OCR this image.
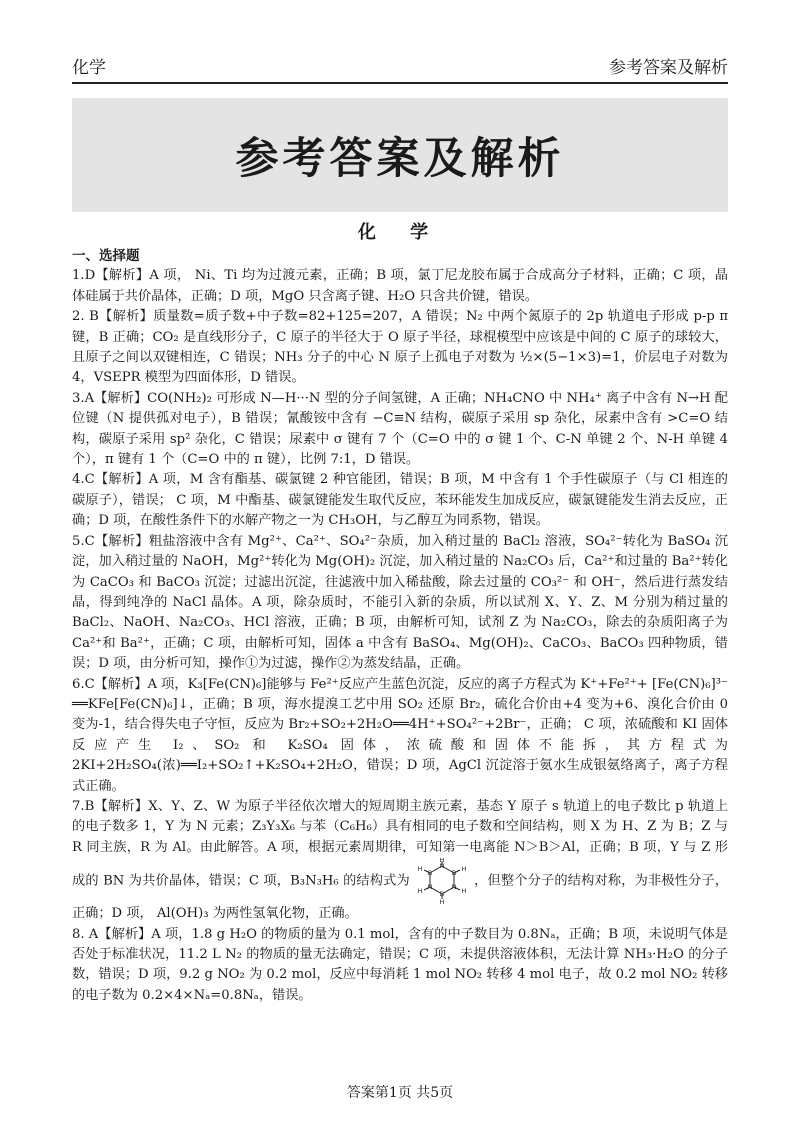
化学	参考答案及解析
参考答案及解析
化 学

一、选择题

1.D【解析】A 项， Ni、Ti 均为过渡元素，正确；B 项，氯丁尼龙胶布属于合成高分子材料，正确；C 项，晶体硅属于共价晶体，正确；D 项，MgO 只含离子键、H₂O 只含共价键，错误。

2. B【解析】质量数=质子数+中子数=82+125=207，A 错误；N₂ 中两个氮原子的 2p 轨道电子形成 p-p π 键，B 正确；CO₂ 是直线形分子，C 原子的半径大于 O 原子半径，球棍模型中应该是中间的 C 原子的球较大，且原子之间以双键相连，C 错误；NH₃ 分子的中心 N 原子上孤电子对数为 ½×(5−1×3)=1，价层电子对数为 4，VSEPR 模型为四面体形，D 错误。

3.A【解析】CO(NH₂)₂ 可形成 N—H···N 型的分子间氢键，A 正确；NH₄CNO 中 NH₄⁺ 离子中含有 N→H 配位键（N 提供孤对电子），B 错误；氰酸铵中含有 −C≡N 结构，碳原子采用 sp 杂化，尿素中含有 >C=O 结构，碳原子采用 sp² 杂化，C 错误；尿素中 σ 键有 7 个（C=O 中的 σ 键 1 个、C-N 单键 2 个、N-H 单键 4 个），π 键有 1 个（C=O 中的 π 键），比例 7:1，D 错误。

4.C【解析】A 项，M 含有酯基、碳氯键 2 种官能团，错误；B 项，M 中含有 1 个手性碳原子（与 Cl 相连的碳原子），错误； C 项，M 中酯基、碳氯键能发生取代反应，苯环能发生加成反应，碳氯键能发生消去反应，正确；D 项，在酸性条件下的水解产物之一为 CH₃OH，与乙醇互为同系物，错误。

5.C【解析】粗盐溶液中含有 Mg²⁺、Ca²⁺、SO₄²⁻杂质，加入稍过量的 BaCl₂ 溶液，SO₄²⁻转化为 BaSO₄ 沉淀，加入稍过量的 NaOH，Mg²⁺转化为 Mg(OH)₂ 沉淀，加入稍过量的 Na₂CO₃ 后，Ca²⁺和过量的 Ba²⁺转化为 CaCO₃ 和 BaCO₃ 沉淀；过滤出沉淀，往滤液中加入稀盐酸，除去过量的 CO₃²⁻ 和 OH⁻，然后进行蒸发结晶，得到纯净的 NaCl 晶体。A 项，除杂质时，不能引入新的杂质，所以试剂 X、Y、Z、M 分别为稍过量的 BaCl₂、NaOH、Na₂CO₃、HCl 溶液，正确；B 项，由解析可知，试剂 Z 为 Na₂CO₃，除去的杂质阳离子为 Ca²⁺和 Ba²⁺，正确；C 项，由解析可知，固体 a 中含有 BaSO₄、Mg(OH)₂、CaCO₃、BaCO₃ 四种物质，错误；D 项，由分析可知，操作①为过滤，操作②为蒸发结晶，正确。

6.C【解析】A 项，K₃[Fe(CN)₆]能够与 Fe²⁺反应产生蓝色沉淀，反应的离子方程式为 K⁺+Fe²⁺+ [Fe(CN)₆]³⁻ ══KFe[Fe(CN)₆]↓，正确；B 项，海水提溴工艺中用 SO₂ 还原 Br₂，硫化合价由+4 变为+6、溴化合价由 0 变为-1，结合得失电子守恒，反应为 Br₂+SO₂+2H₂O══4H⁺+SO₄²⁻+2Br⁻，正确； C 项，浓硫酸和 KI 固体反应产生 I₂、SO₂ 和 K₂SO₄ 固体，浓硫酸和固体不能拆，其方程式为 2KI+2H₂SO₄(浓)══I₂+SO₂↑+K₂SO₄+2H₂O，错误；D 项，AgCl 沉淀溶于氨水生成银氨络离子，离子方程式正确。

7.B【解析】X、Y、Z、W 为原子半径依次增大的短周期主族元素，基态 Y 原子 s 轨道上的电子数比 p 轨道上的电子数多 1，Y 为 N 元素；Z₃Y₃X₆ 与苯（C₆H₆）具有相同的电子数和空间结构，则 X 为 H、Z 为 B；Z 与 R 同主族，R 为 Al。由此解答。A 项，根据元素周期律，可知第一电离能 N＞B＞Al，正确；B 项，Y 与 Z 形成的 BN 为共价晶体，错误；C 项，B₃N₃H₆ 的结构式为
N
B
N
B
N
B
H
H
H
H
H
H
，但整个分子的结构对称，为非极性分子，正确；D 项， Al(OH)₃ 为两性氢氧化物，正确。

8. A【解析】A 项，1.8 g H₂O 的物质的量为 0.1 mol，含有的中子数目为 0.8Nₐ，正确；B 项，未说明气体是否处于标准状况，11.2 L N₂ 的物质的量无法确定，错误；C 项，未提供溶液体积，无法计算 NH₃·H₂O 的分子数，错误；D 项，9.2 g NO₂ 为 0.2 mol，反应中每消耗 1 mol NO₂ 转移 4 mol 电子，故 0.2 mol NO₂ 转移的电子数为 0.2×4×Nₐ=0.8Nₐ，错误。

答案第1页 共5页
